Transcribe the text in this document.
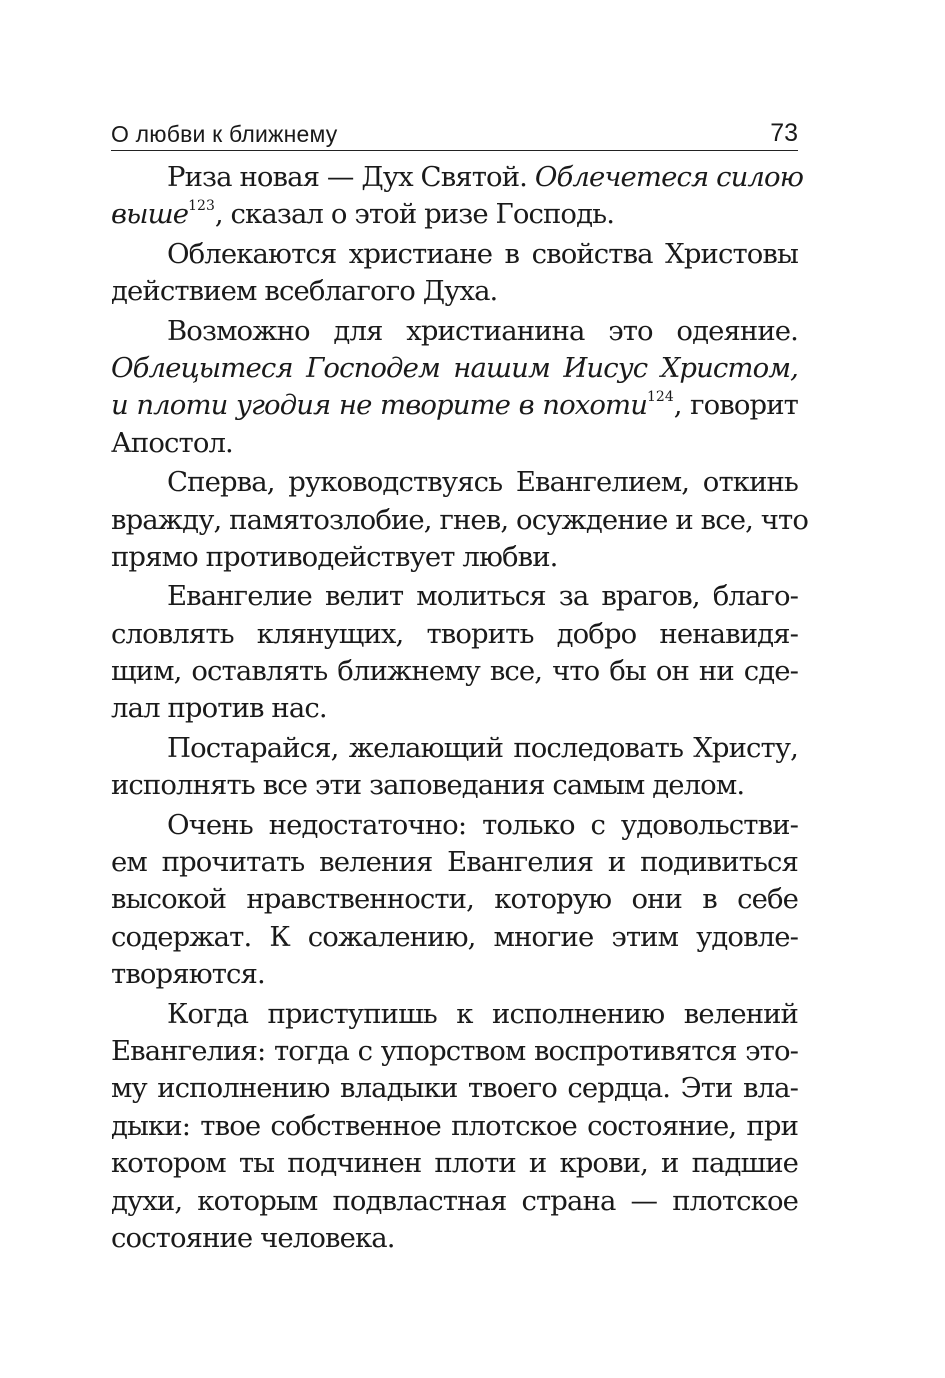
О любви к ближнему	73
Риза новая — Дух Святой. Облечетеся силою
выше$^{123}$, сказал о этой ризе Господь.
Облекаются христиане в свойства Христовы
действием всеблагого Духа.
Возможно для христианина это одеяние.
Облецытеся Господем нашим Иисус Христом,
и плоти угодия не творите в похоти$^{124}$, говорит
Апостол.
Сперва, руководствуясь Евангелием, откинь
вражду, памятозлобие, гнев, осуждение и все, что
прямо противодействует любви.
Евангелие велит молиться за врагов, благо-
словлять клянущих, творить добро ненавидя-
щим, оставлять ближнему все, что бы он ни сде-
лал против нас.
Постарайся, желающий последовать Христу,
исполнять все эти заповедания самым делом.
Очень недостаточно: только с удовольстви-
ем прочитать веления Евангелия и подивиться
высокой нравственности, которую они в себе
содержат. К сожалению, многие этим удовле-
творяются.
Когда приступишь к исполнению велений
Евангелия: тогда с упорством воспротивятся это-
му исполнению владыки твоего сердца. Эти вла-
дыки: твое собственное плотское состояние, при
котором ты подчинен плоти и крови, и падшие
духи, которым подвластная страна — плотское
состояние человека.
